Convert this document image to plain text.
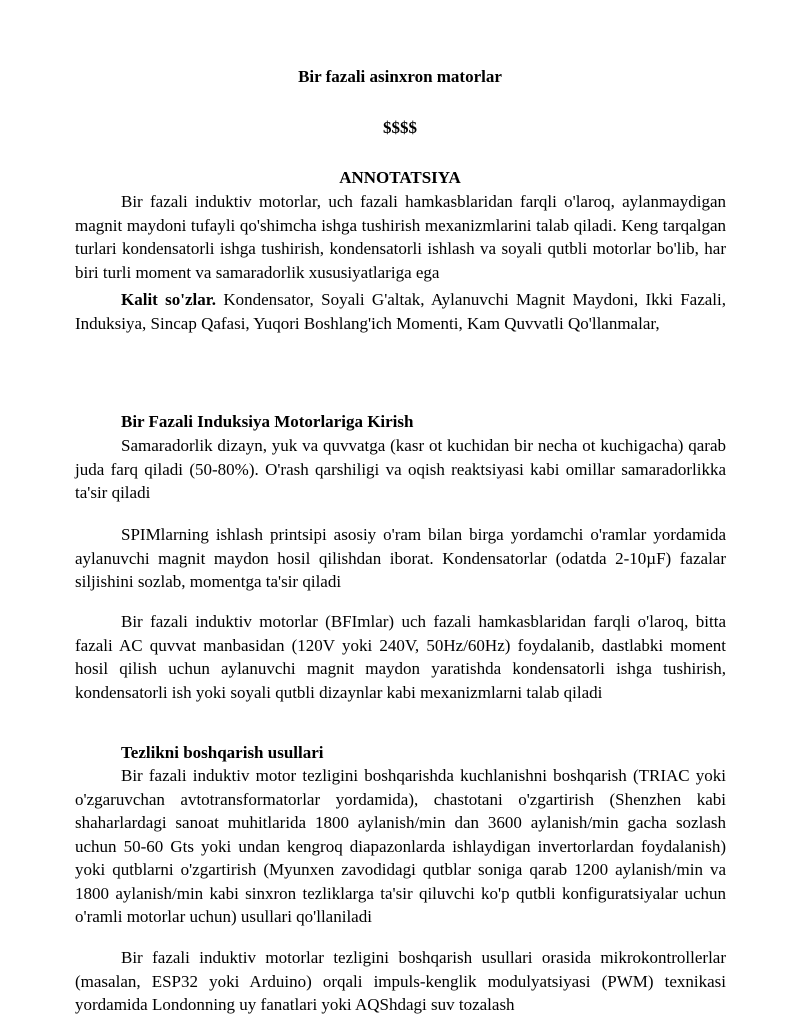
Bir fazali asinxron matorlar
$$$$
ANNOTATSIYA

Bir fazali induktiv motorlar, uch fazali hamkasblaridan farqli o'laroq, aylanmaydigan magnit maydoni tufayli qo'shimcha ishga tushirish mexanizmlarini talab qiladi. Keng tarqalgan turlari kondensatorli ishga tushirish, kondensatorli ishlash va soyali qutbli motorlar bo'lib, har biri turli moment va samaradorlik xususiyatlariga ega

Kalit so'zlar. Kondensator, Soyali G'altak, Aylanuvchi Magnit Maydoni, Ikki Fazali, Induksiya, Sincap Qafasi, Yuqori Boshlang'ich Momenti, Kam Quvvatli Qo'llanmalar,

Bir Fazali Induksiya Motorlariga Kirish

Samaradorlik dizayn, yuk va quvvatga (kasr ot kuchidan bir necha ot kuchigacha) qarab juda farq qiladi (50-80%). O'rash qarshiligi va oqish reaktsiyasi kabi omillar samaradorlikka ta'sir qiladi

SPIMlarning ishlash printsipi asosiy o'ram bilan birga yordamchi o'ramlar yordamida aylanuvchi magnit maydon hosil qilishdan iborat. Kondensatorlar (odatda 2-10µF) fazalar siljishini sozlab, momentga ta'sir qiladi

Bir fazali induktiv motorlar (BFImlar) uch fazali hamkasblaridan farqli o'laroq, bitta fazali AC quvvat manbasidan (120V yoki 240V, 50Hz/60Hz) foydalanib, dastlabki moment hosil qilish uchun aylanuvchi magnit maydon yaratishda kondensatorli ishga tushirish, kondensatorli ish yoki soyali qutbli dizaynlar kabi mexanizmlarni talab qiladi

Tezlikni boshqarish usullari

Bir fazali induktiv motor tezligini boshqarishda kuchlanishni boshqarish (TRIAC yoki o'zgaruvchan avtotransformatorlar yordamida), chastotani o'zgartirish (Shenzhen kabi shaharlardagi sanoat muhitlarida 1800 aylanish/min dan 3600 aylanish/min gacha sozlash uchun 50-60 Gts yoki undan kengroq diapazonlarda ishlaydigan invertorlardan foydalanish) yoki qutblarni o'zgartirish (Myunxen zavodidagi qutblar soniga qarab 1200 aylanish/min va 1800 aylanish/min kabi sinxron tezliklarga ta'sir qiluvchi ko'p qutbli konfiguratsiyalar uchun o'ramli motorlar uchun) usullari qo'llaniladi

Bir fazali induktiv motorlar tezligini boshqarish usullari orasida mikrokontrollerlar (masalan, ESP32 yoki Arduino) orqali impuls-kenglik modulyatsiyasi (PWM) texnikasi yordamida Londonning uy fanatlari yoki AQShdagi suv tozalash
